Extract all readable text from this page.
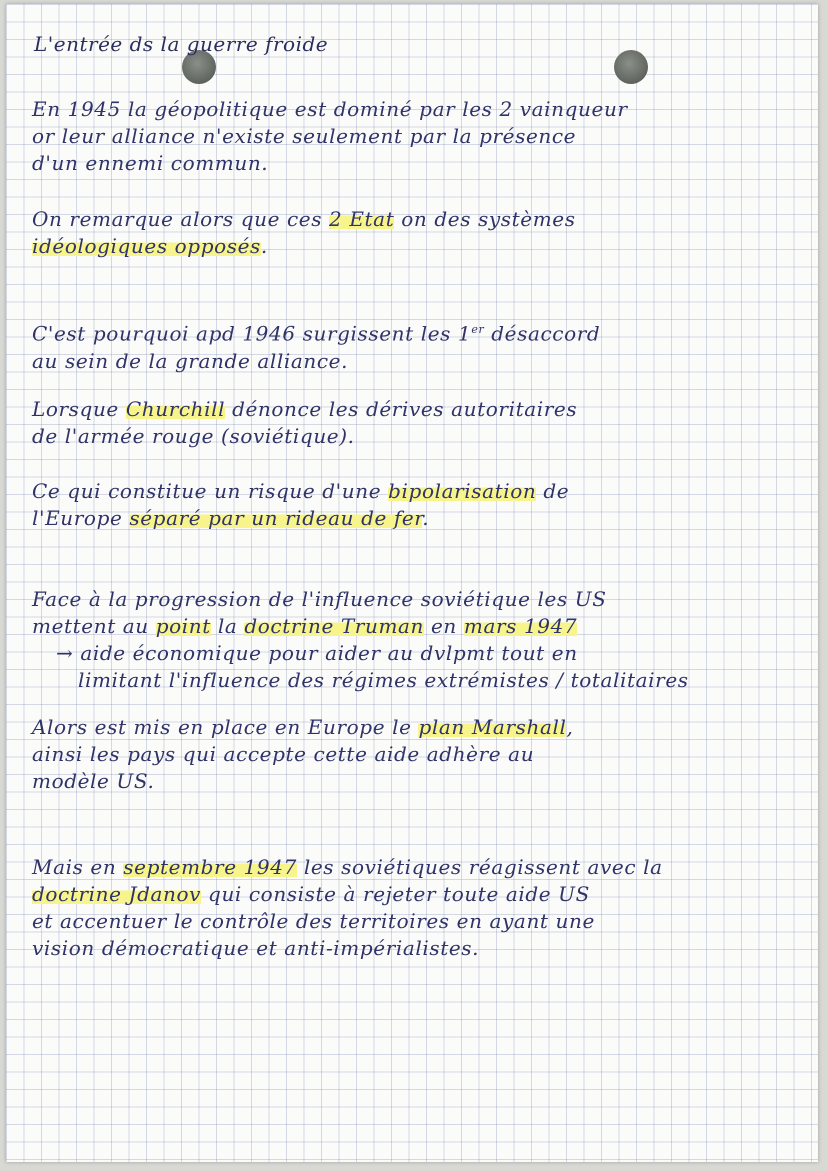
L'entrée ds la guerre froide
En 1945 la géopolitique est dominé par les 2 vainqueur
or leur alliance n'existe seulement par la présence
d'un ennemi commun.
On remarque alors que ces 2 Etat on des systèmes
idéologiques opposés.
C'est pourquoi apd 1946 surgissent les 1er désaccord
au sein de la grande alliance.
Lorsque Churchill dénonce les dérives autoritaires
de l'armée rouge (soviétique).
Ce qui constitue un risque d'une bipolarisation de
l'Europe séparé par un rideau de fer.
Face à la progression de l'influence soviétique les US
mettent au point la doctrine Truman en mars 1947
→ aide économique pour aider au dvlpmt tout en
limitant l'influence des régimes extrémistes / totalitaires
Alors est mis en place en Europe le plan Marshall,
ainsi les pays qui accepte cette aide adhère au
modèle US.
Mais en septembre 1947 les soviétiques réagissent avec la
doctrine Jdanov qui consiste à rejeter toute aide US
et accentuer le contrôle des territoires en ayant une
vision démocratique et anti-impérialistes.
